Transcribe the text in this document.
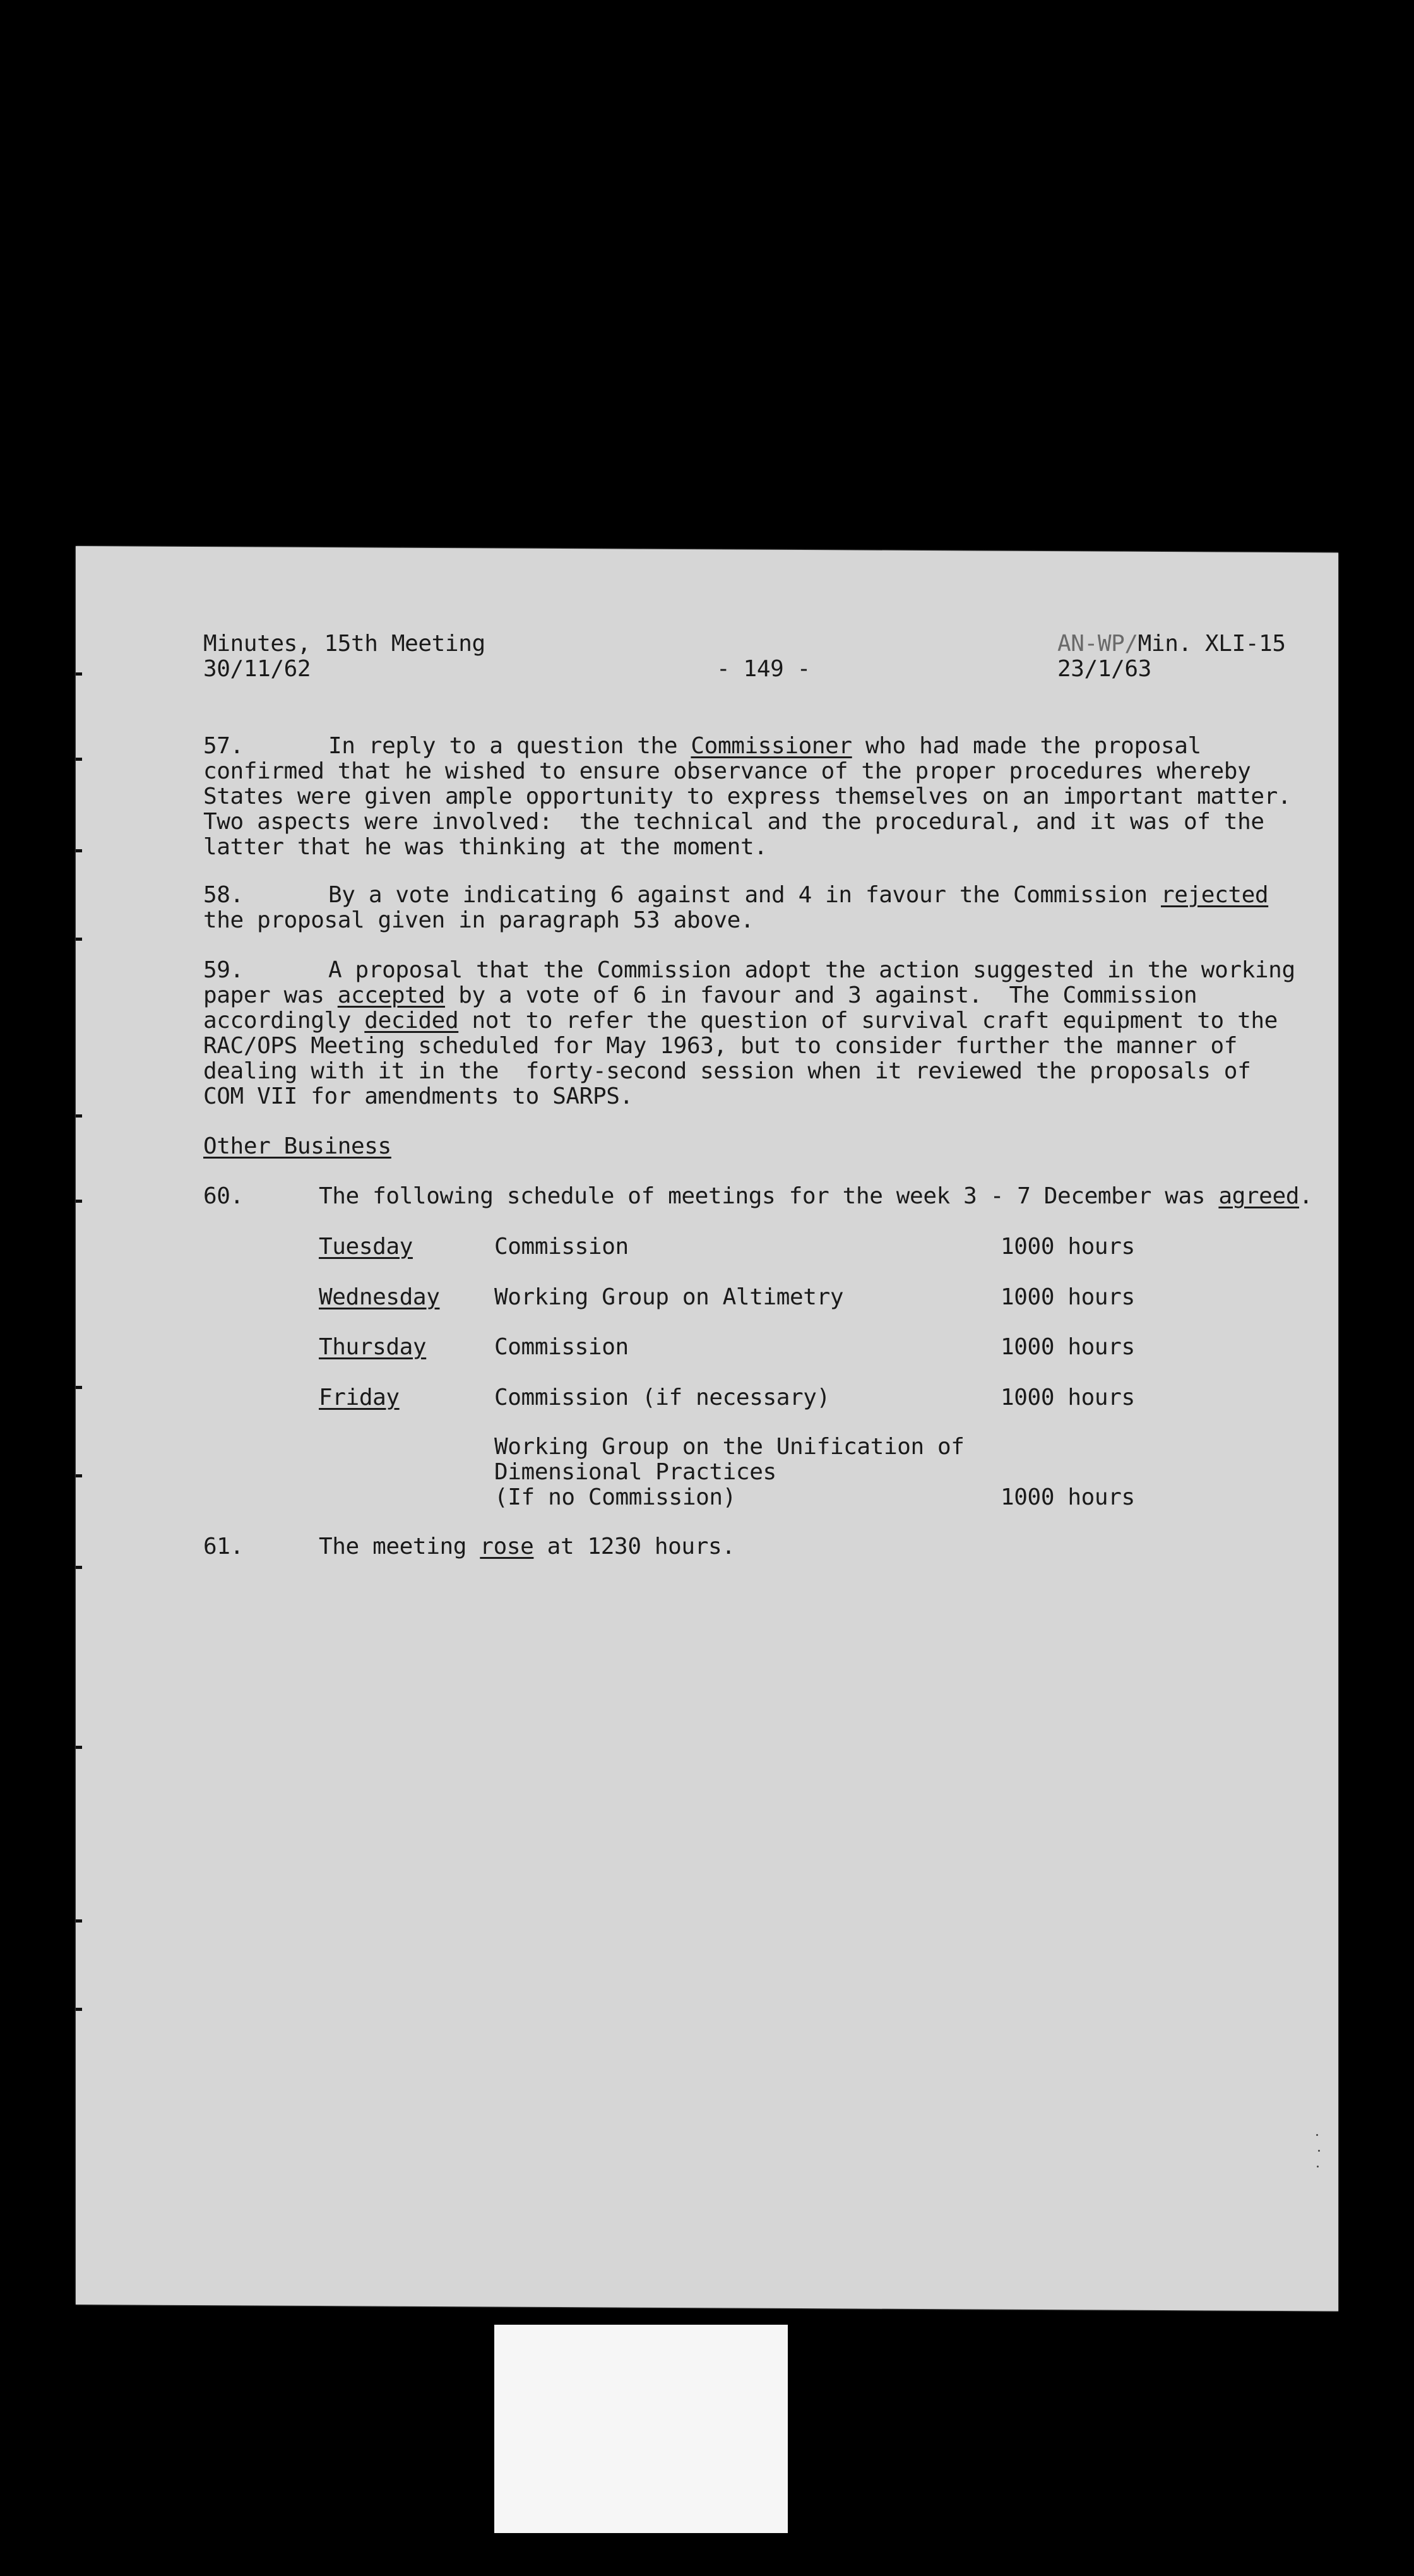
Minutes, 15th Meeting
30/11/62	- 149 -
AN-WP/Min. XLI-15
23/1/63
57.	In reply to a question the Commissioner who had made the proposal
confirmed that he wished to ensure observance of the proper procedures whereby
States were given ample opportunity to express themselves on an important matter.
Two aspects were involved:  the technical and the procedural, and it was of the
latter that he was thinking at the moment.
58.	By a vote indicating 6 against and 4 in favour the Commission rejected
the proposal given in paragraph 53 above.
59.	A proposal that the Commission adopt the action suggested in the working
paper was accepted by a vote of 6 in favour and 3 against.  The Commission
accordingly decided not to refer the question of survival craft equipment to the
RAC/OPS Meeting scheduled for May 1963, but to consider further the manner of
dealing with it in the  forty-second session when it reviewed the proposals of
COM VII for amendments to SARPS.
Other Business
60.	The following schedule of meetings for the week 3 - 7 December was agreed.
Tuesday	Commission	1000 hours
Wednesday Working Group on Altimetry	1000 hours
Thursday	Commission	1000 hours
Friday	Commission (if necessary)	1000 hours
Working Group on the Unification of
Dimensional Practices
(If no Commission)	1000 hours
61.	The meeting rose at 1230 hours.
